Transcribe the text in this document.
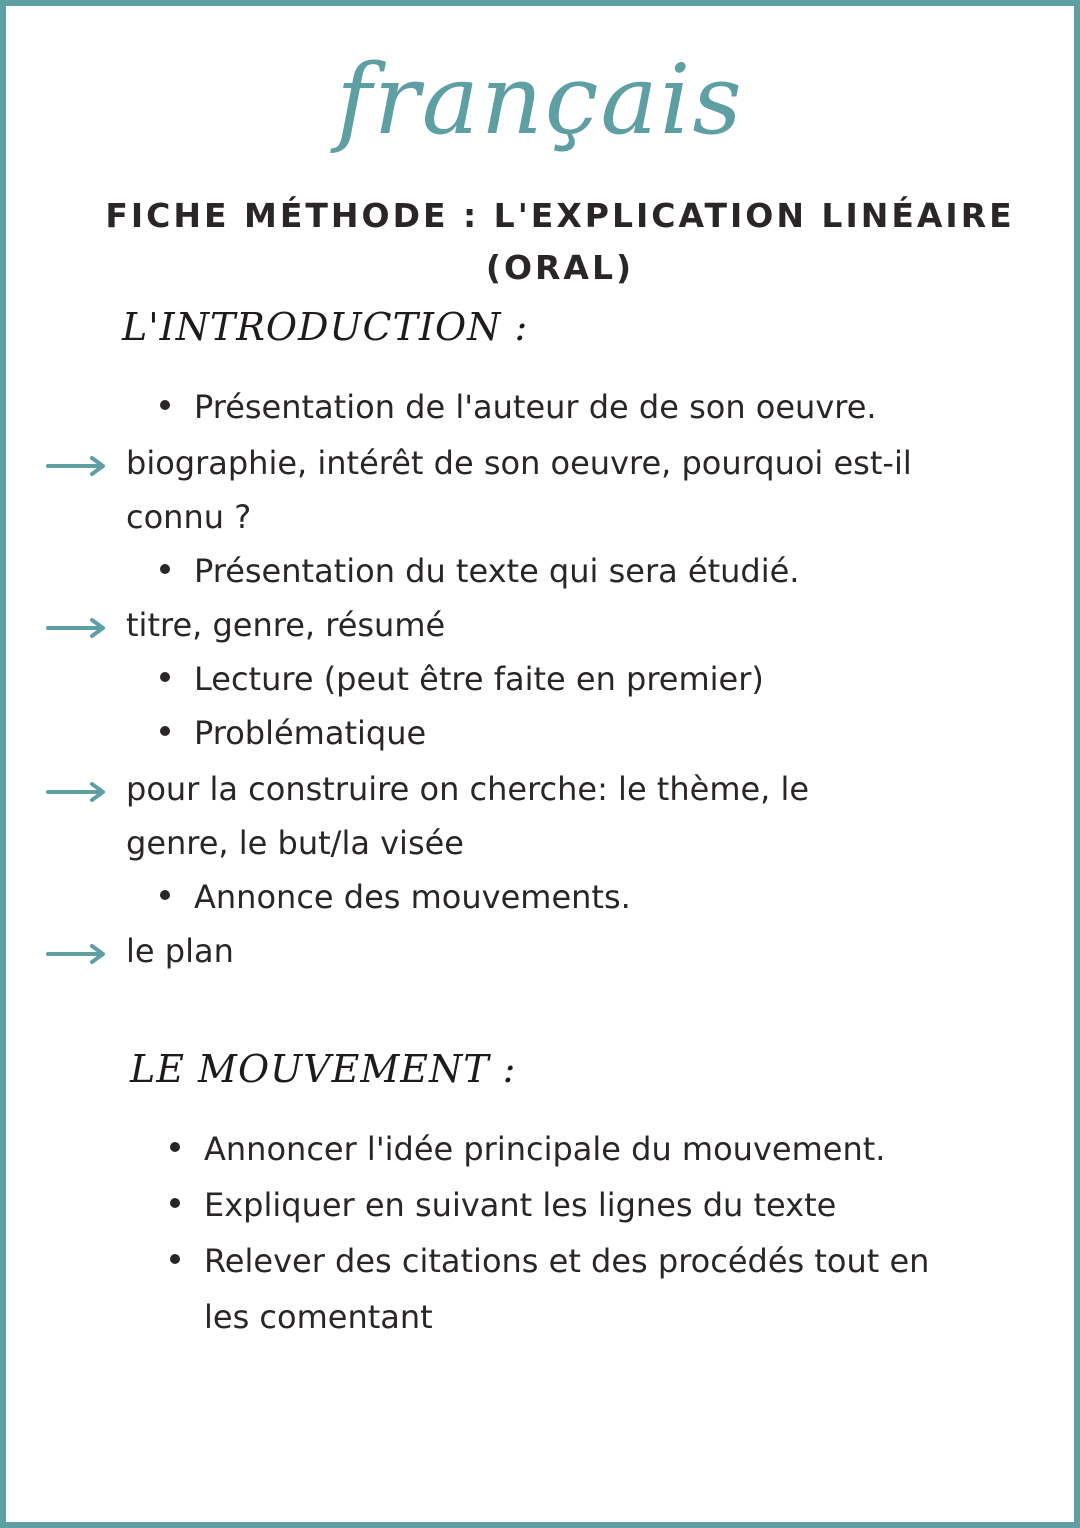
français
FICHE MÉTHODE : L'EXPLICATION LINÉAIRE
(ORAL)
L'INTRODUCTION :
Présentation de l'auteur de de son oeuvre.
biographie, intérêt de son oeuvre, pourquoi est-il
connu ?
Présentation du texte qui sera étudié.
titre, genre, résumé
Lecture (peut être faite en premier)
Problématique
pour la construire on cherche: le thème, le
genre, le but/la visée
Annonce des mouvements.
le plan
LE MOUVEMENT :
Annoncer l'idée principale du mouvement.
Expliquer en suivant les lignes du texte
Relever des citations et des procédés tout en
les comentant
